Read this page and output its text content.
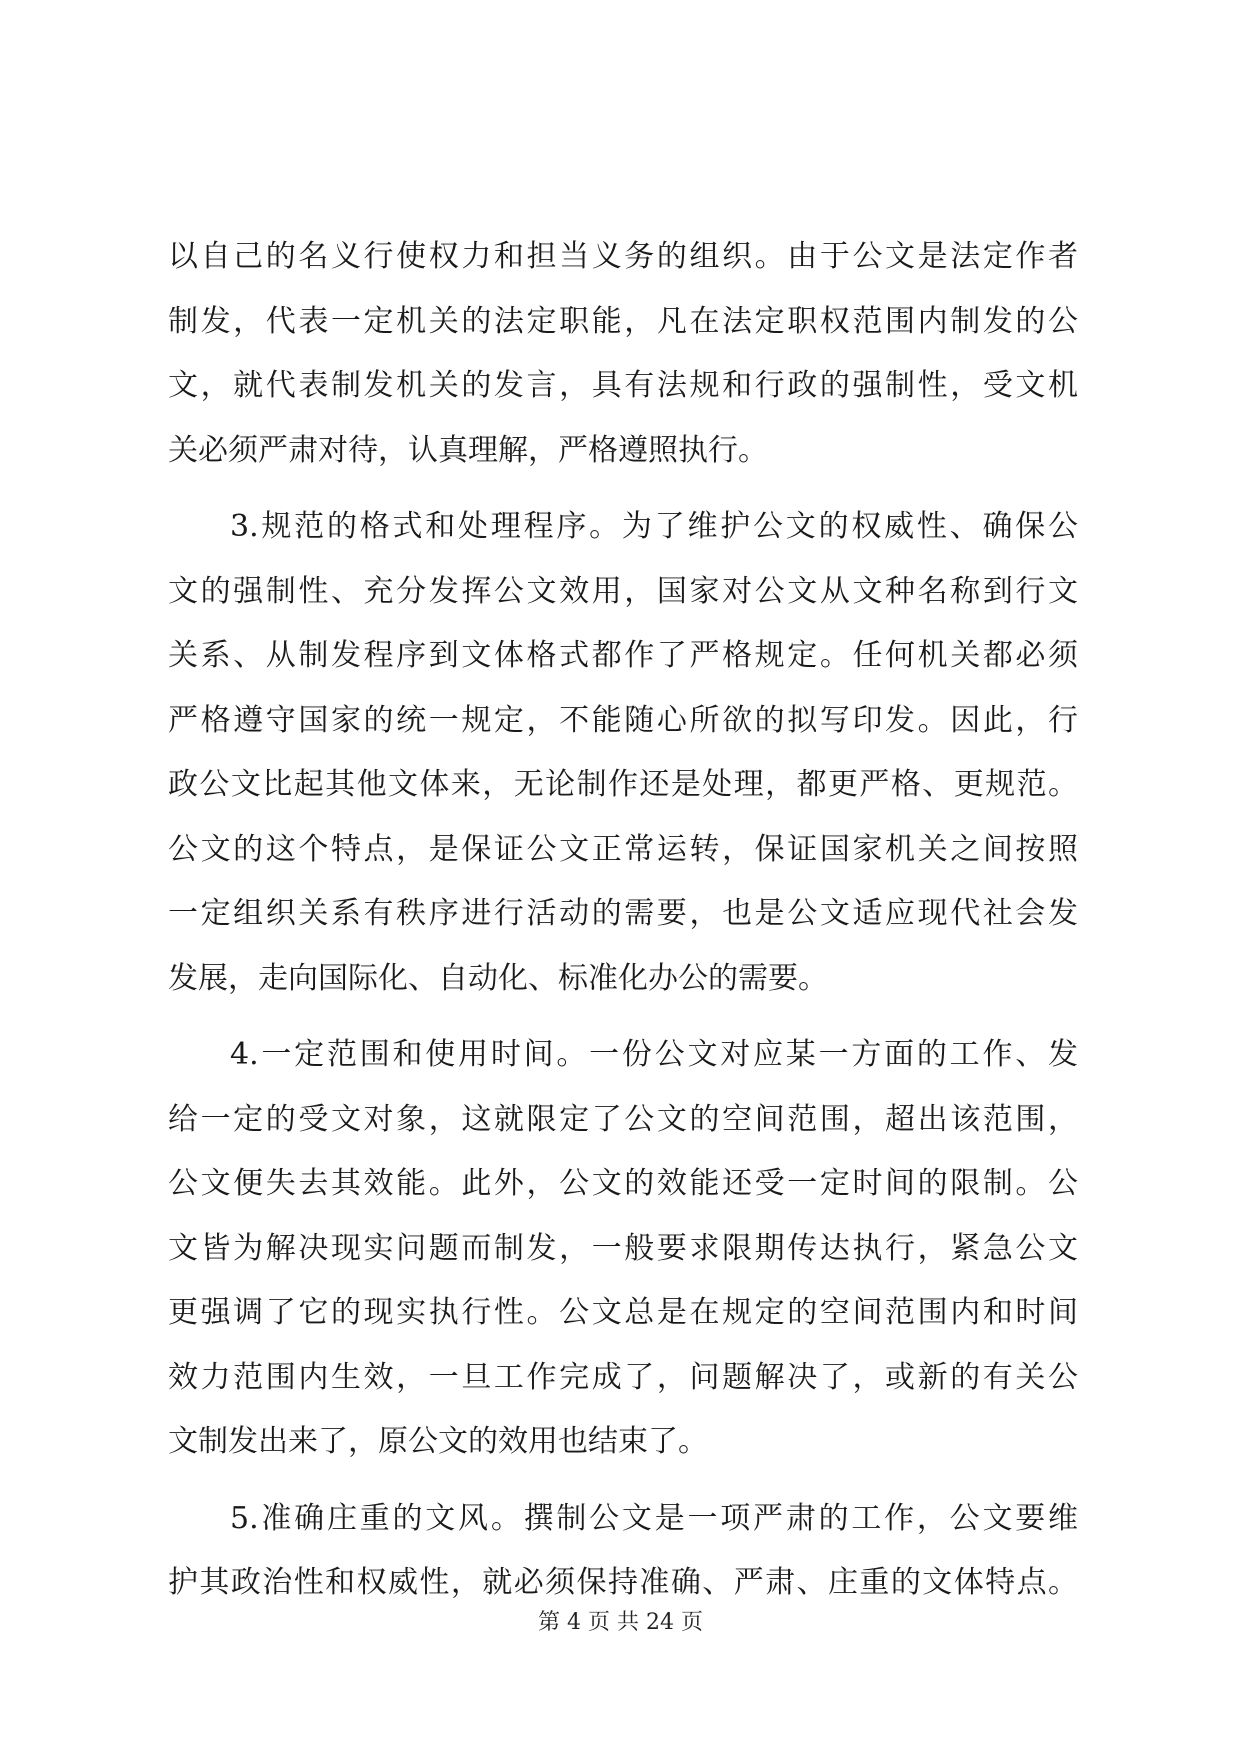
以自己的名义行使权力和担当义务的组织。由于公文是法定作者
制发，代表一定机关的法定职能，凡在法定职权范围内制发的公
文，就代表制发机关的发言，具有法规和行政的强制性，受文机
关必须严肃对待，认真理解，严格遵照执行。
3.规范的格式和处理程序。为了维护公文的权威性、确保公
文的强制性、充分发挥公文效用，国家对公文从文种名称到行文
关系、从制发程序到文体格式都作了严格规定。任何机关都必须
严格遵守国家的统一规定，不能随心所欲的拟写印发。因此，行
政公文比起其他文体来，无论制作还是处理，都更严格、更规范。
公文的这个特点，是保证公文正常运转，保证国家机关之间按照
一定组织关系有秩序进行活动的需要，也是公文适应现代社会发
发展，走向国际化、自动化、标准化办公的需要。
4.一定范围和使用时间。一份公文对应某一方面的工作、发
给一定的受文对象，这就限定了公文的空间范围，超出该范围，
公文便失去其效能。此外，公文的效能还受一定时间的限制。公
文皆为解决现实问题而制发，一般要求限期传达执行，紧急公文
更强调了它的现实执行性。公文总是在规定的空间范围内和时间
效力范围内生效，一旦工作完成了，问题解决了，或新的有关公
文制发出来了，原公文的效用也结束了。
5.准确庄重的文风。撰制公文是一项严肃的工作，公文要维
护其政治性和权威性，就必须保持准确、严肃、庄重的文体特点。
第 4 页 共 24 页
